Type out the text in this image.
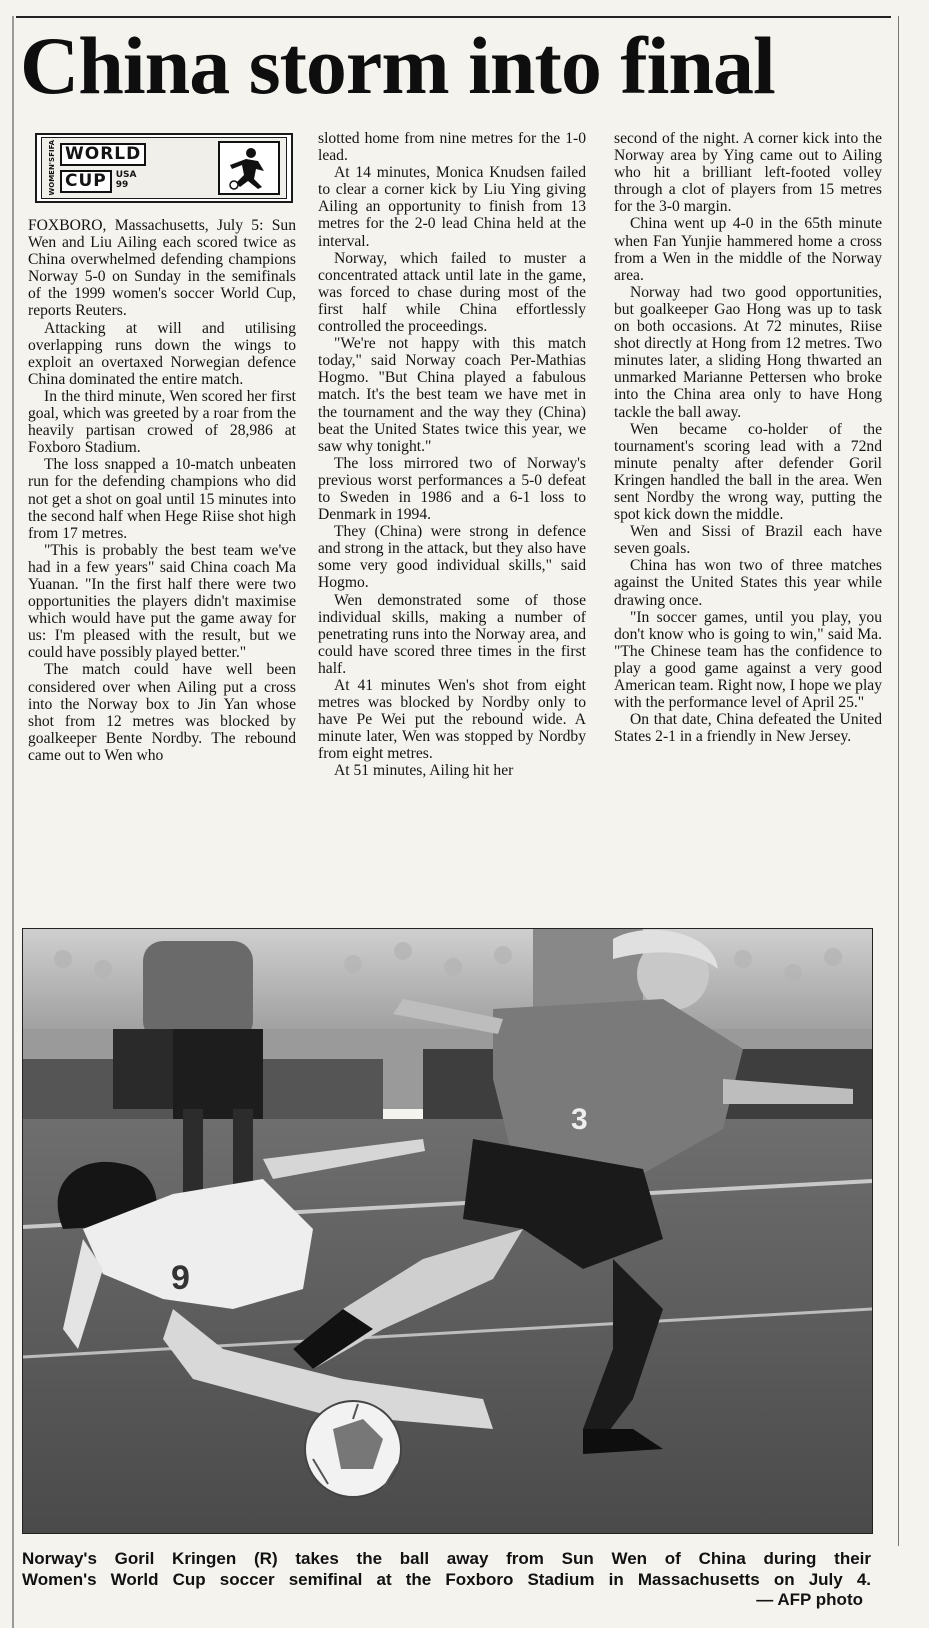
China storm into final
FIFA
WOMEN'S
WORLD
CUP	USA
99

FOXBORO, Massachusetts, July 5: Sun Wen and Liu Ailing each scored twice as China overwhelmed defending champions Norway 5-0 on Sunday in the semifinals of the 1999 women's soccer World Cup, reports Reuters.

Attacking at will and utilising overlapping runs down the wings to exploit an overtaxed Norwegian defence China dominated the entire match.

In the third minute, Wen scored her first goal, which was greeted by a roar from the heavily partisan crowed of 28,986 at Foxboro Stadium.

The loss snapped a 10-match unbeaten run for the defending champions who did not get a shot on goal until 15 minutes into the second half when Hege Riise shot high from 17 metres.

"This is probably the best team we've had in a few years" said China coach Ma Yuanan. "In the first half there were two opportunities the players didn't maximise which would have put the game away for us: I'm pleased with the result, but we could have possibly played better."

The match could have well been considered over when Ailing put a cross into the Norway box to Jin Yan whose shot from 12 metres was blocked by goalkeeper Bente Nordby. The rebound came out to Wen who

slotted home from nine metres for the 1-0 lead.

At 14 minutes, Monica Knudsen failed to clear a corner kick by Liu Ying giving Ailing an opportunity to finish from 13 metres for the 2-0 lead China held at the interval.

Norway, which failed to muster a concentrated attack until late in the game, was forced to chase during most of the first half while China effortlessly controlled the proceedings.

"We're not happy with this match today," said Norway coach Per-Mathias Hogmo. "But China played a fabulous match. It's the best team we have met in the tournament and the way they (China) beat the United States twice this year, we saw why tonight."

The loss mirrored two of Norway's previous worst performances a 5-0 defeat to Sweden in 1986 and a 6-1 loss to Denmark in 1994.

They (China) were strong in defence and strong in the attack, but they also have some very good individual skills," said Hogmo.

Wen demonstrated some of those individual skills, making a number of penetrating runs into the Norway area, and could have scored three times in the first half.

At 41 minutes Wen's shot from eight metres was blocked by Nordby only to have Pe Wei put the rebound wide. A minute later, Wen was stopped by Nordby from eight metres.

At 51 minutes, Ailing hit her

second of the night. A corner kick into the Norway area by Ying came out to Ailing who hit a brilliant left-footed volley through a clot of players from 15 metres for the 3-0 margin.

China went up 4-0 in the 65th minute when Fan Yunjie hammered home a cross from a Wen in the middle of the Norway area.

Norway had two good opportunities, but goalkeeper Gao Hong was up to task on both occasions. At 72 minutes, Riise shot directly at Hong from 12 metres. Two minutes later, a sliding Hong thwarted an unmarked Marianne Pettersen who broke into the China area only to have Hong tackle the ball away.

Wen became co-holder of the tournament's scoring lead with a 72nd minute penalty after defender Goril Kringen handled the ball in the area. Wen sent Nordby the wrong way, putting the spot kick down the middle.

Wen and Sissi of Brazil each have seven goals.

China has won two of three matches against the United States this year while drawing once.

"In soccer games, until you play, you don't know who is going to win," said Ma. "The Chinese team has the confidence to play a good game against a very good American team. Right now, I hope we play with the performance level of April 25."

On that date, China defeated the United States 2-1 in a friendly in New Jersey.

9
3
Norway's Goril Kringen (R) takes the ball away from Sun Wen of China during their
Women's World Cup soccer semifinal at the Foxboro Stadium in Massachusetts on July 4.
— AFP photo
